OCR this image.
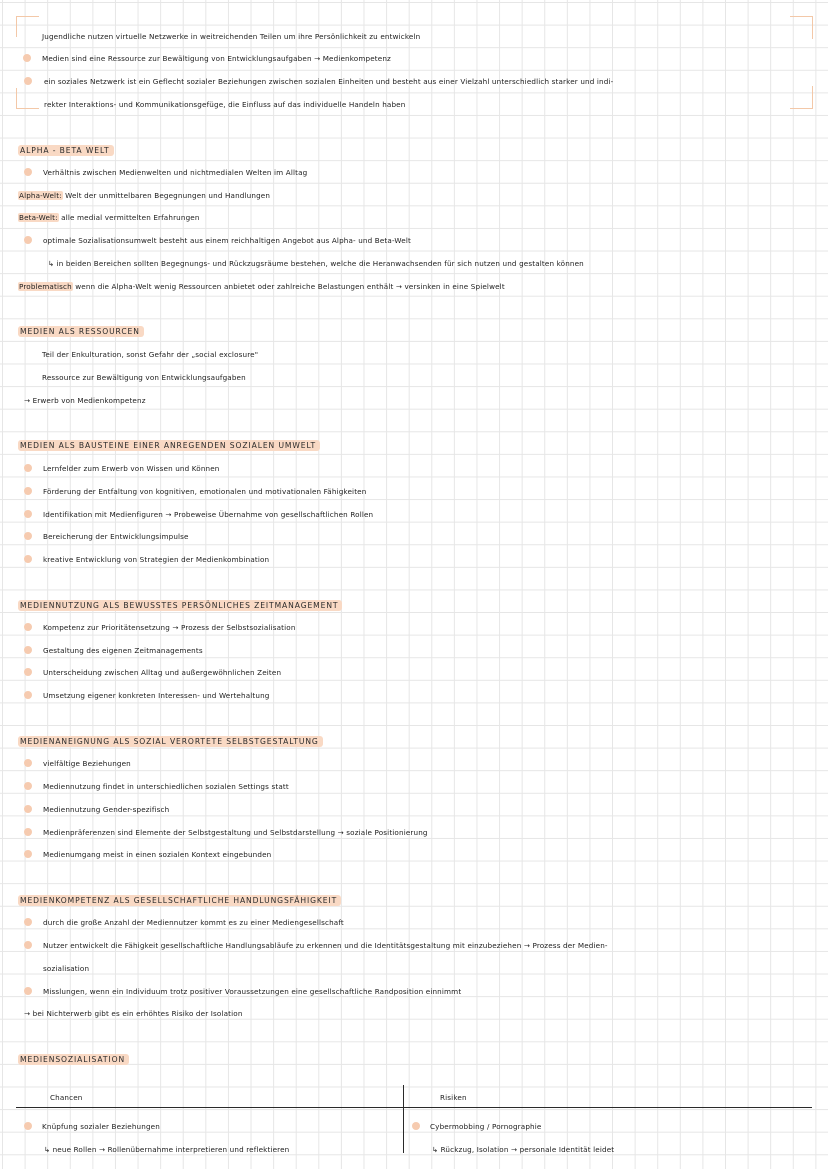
Jugendliche nutzen virtuelle Netzwerke in weitreichenden Teilen um ihre Persönlichkeit zu entwickeln
Medien sind eine Ressource zur Bewältigung von Entwicklungsaufgaben → Medienkompetenz
ein soziales Netzwerk ist ein Geflecht sozialer Beziehungen zwischen sozialen Einheiten und besteht aus einer Vielzahl unterschiedlich starker und indi-
rekter Interaktions- und Kommunikationsgefüge, die Einfluss auf das individuelle Handeln haben
ALPHA - BETA WELT
Verhältnis zwischen Medienwelten und nichtmedialen Welten im Alltag
Alpha-Welt: Welt der unmittelbaren Begegnungen und Handlungen
Beta-Welt: alle medial vermittelten Erfahrungen
optimale Sozialisationsumwelt besteht aus einem reichhaltigen Angebot aus Alpha- und Beta-Welt
↳ in beiden Bereichen sollten Begegnungs- und Rückzugsräume bestehen, welche die Heranwachsenden für sich nutzen und gestalten können
Problematisch wenn die Alpha-Welt wenig Ressourcen anbietet oder zahlreiche Belastungen enthält → versinken in eine Spielwelt
MEDIEN ALS RESSOURCEN
Teil der Enkulturation, sonst Gefahr der „social exclosure"
Ressource zur Bewältigung von Entwicklungsaufgaben
→ Erwerb von Medienkompetenz
MEDIEN ALS BAUSTEINE EINER ANREGENDEN SOZIALEN UMWELT
Lernfelder zum Erwerb von Wissen und Können
Förderung der Entfaltung von kognitiven, emotionalen und motivationalen Fähigkeiten
Identifikation mit Medienfiguren → Probeweise Übernahme von gesellschaftlichen Rollen
Bereicherung der Entwicklungsimpulse
kreative Entwicklung von Strategien der Medienkombination
MEDIENNUTZUNG ALS BEWUSSTES PERSÖNLICHES ZEITMANAGEMENT
Kompetenz zur Prioritätensetzung → Prozess der Selbstsozialisation
Gestaltung des eigenen Zeitmanagements
Unterscheidung zwischen Alltag und außergewöhnlichen Zeiten
Umsetzung eigener konkreten Interessen- und Wertehaltung
MEDIENANEIGNUNG ALS SOZIAL VERORTETE SELBSTGESTALTUNG
vielfältige Beziehungen
Mediennutzung findet in unterschiedlichen sozialen Settings statt
Mediennutzung Gender-spezifisch
Medienpräferenzen sind Elemente der Selbstgestaltung und Selbstdarstellung → soziale Positionierung
Medienumgang meist in einen sozialen Kontext eingebunden
MEDIENKOMPETENZ ALS GESELLSCHAFTLICHE HANDLUNGSFÄHIGKEIT
durch die große Anzahl der Mediennutzer kommt es zu einer Mediengesellschaft
Nutzer entwickelt die Fähigkeit gesellschaftliche Handlungsabläufe zu erkennen und die Identitätsgestaltung mit einzubeziehen → Prozess der Medien-
sozialisation
Misslungen, wenn ein Individuum trotz positiver Voraussetzungen eine gesellschaftliche Randposition einnimmt
→ bei Nichterwerb gibt es ein erhöhtes Risiko der Isolation
MEDIENSOZIALISATION
Chancen	Risiken
Knüpfung sozialer Beziehungen
↳ neue Rollen → Rollenübernahme interpretieren und reflektieren
Cybermobbing / Pornographie
↳ Rückzug, Isolation → personale Identität leidet
